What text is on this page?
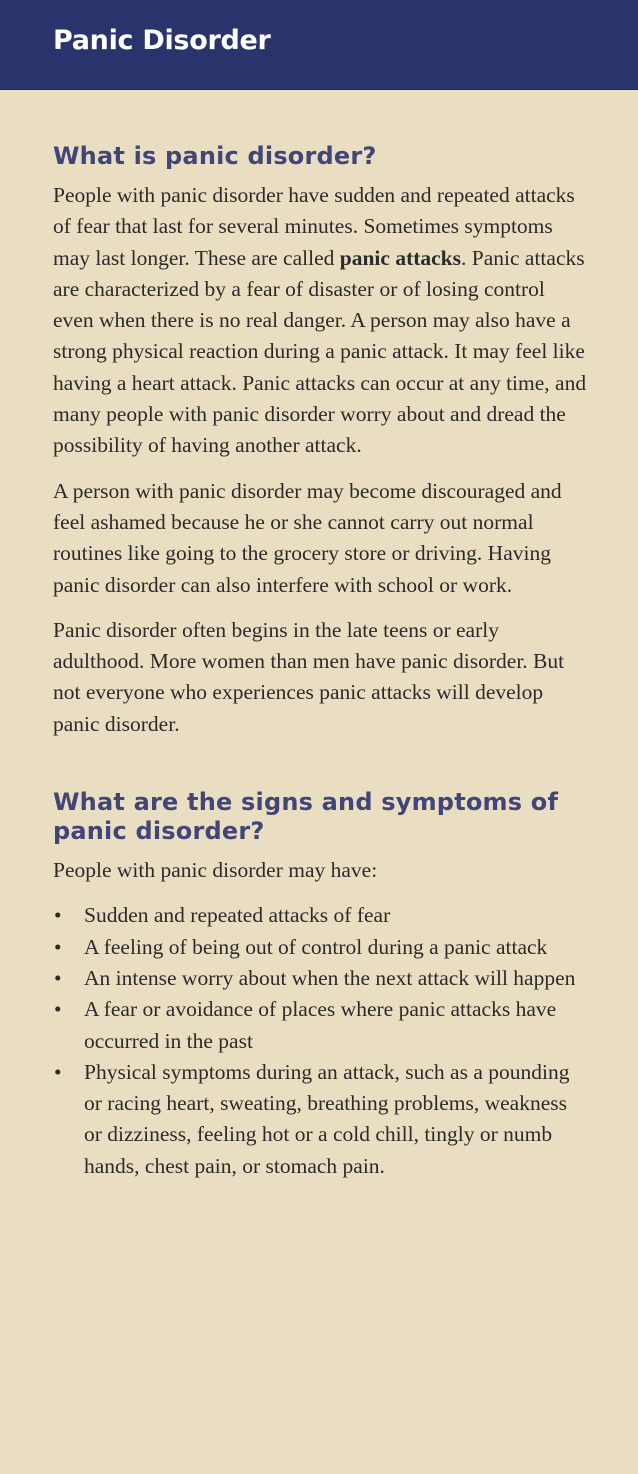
Panic Disorder
What is panic disorder?

People with panic disorder have sudden and repeated attacks of fear that last for several minutes. Sometimes symptoms may last longer. These are called panic attacks. Panic attacks are characterized by a fear of disaster or of losing control even when there is no real danger. A person may also have a strong physical reaction during a panic attack. It may feel like having a heart attack. Panic attacks can occur at any time, and many people with panic disorder worry about and dread the possibility of having another attack.

A person with panic disorder may become discouraged and feel ashamed because he or she cannot carry out normal routines like going to the grocery store or driving. Having panic disorder can also interfere with school or work.

Panic disorder often begins in the late teens or early adulthood. More women than men have panic disorder. But not everyone who experiences panic attacks will develop panic disorder.

What are the signs and symptoms of panic disorder?

People with panic disorder may have:

• Sudden and repeated attacks of fear
• A feeling of being out of control during a panic attack
• An intense worry about when the next attack will happen
• A fear or avoidance of places where panic attacks have occurred in the past
• Physical symptoms during an attack, such as a pounding or racing heart, sweating, breathing problems, weakness or dizziness, feeling hot or a cold chill, tingly or numb hands, chest pain, or stomach pain.
